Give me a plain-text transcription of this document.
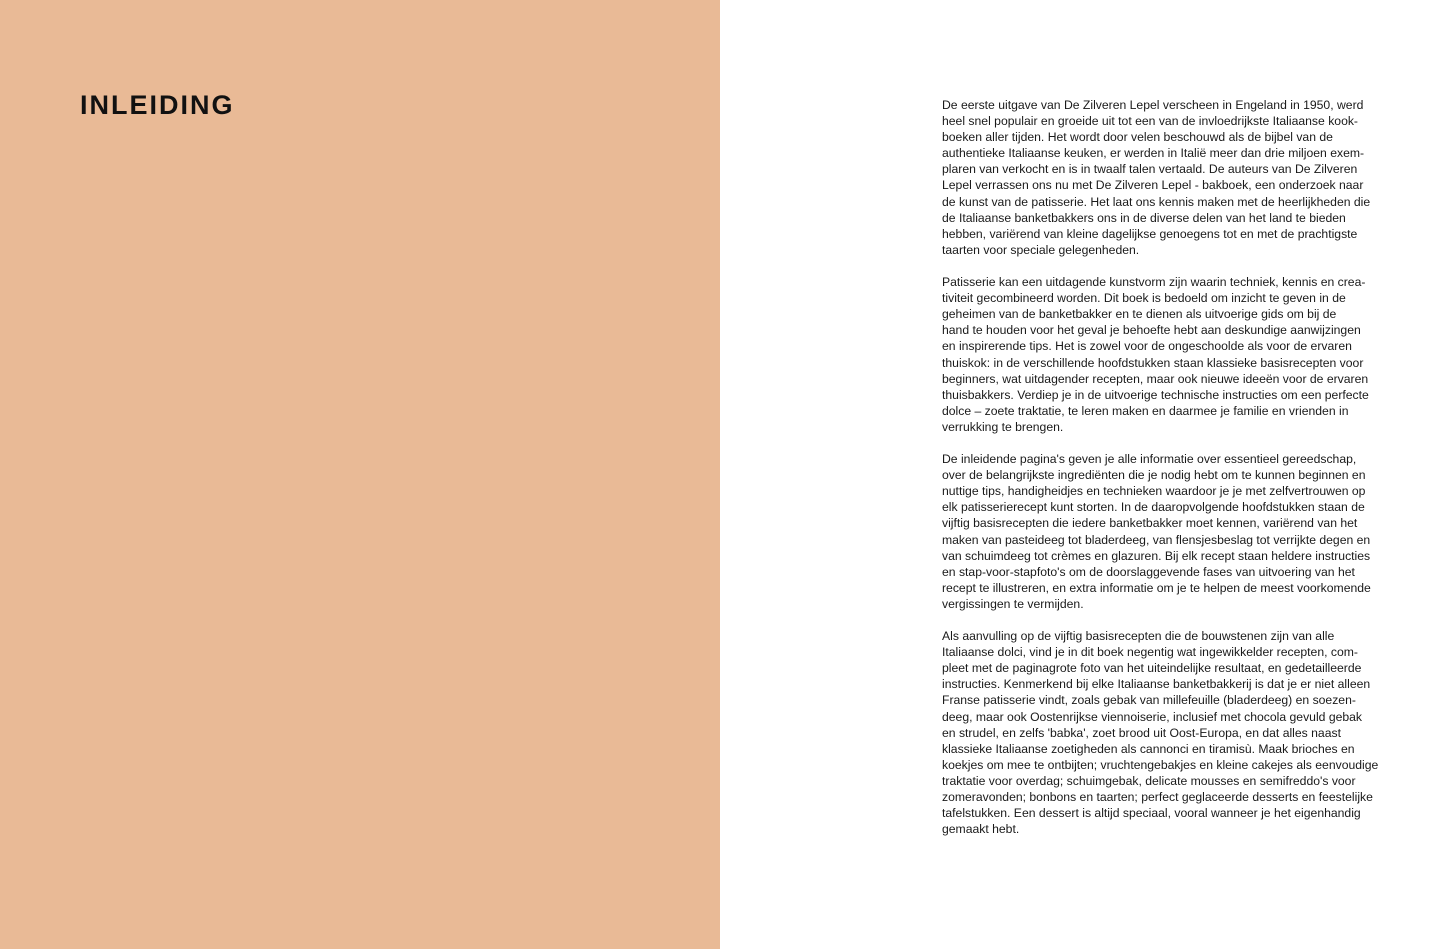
INLEIDING	De eerste uitgave van De Zilveren Lepel verscheen in Engeland in 1950, werd
heel snel populair en groeide uit tot een van de invloedrijkste Italiaanse kook-
boeken aller tijden. Het wordt door velen beschouwd als de bijbel van de
authentieke Italiaanse keuken, er werden in Italië meer dan drie miljoen exem-
plaren van verkocht en is in twaalf talen vertaald. De auteurs van De Zilveren
Lepel verrassen ons nu met De Zilveren Lepel - bakboek, een onderzoek naar
de kunst van de patisserie. Het laat ons kennis maken met de heerlijkheden die
de Italiaanse banketbakkers ons in de diverse delen van het land te bieden
hebben, variërend van kleine dagelijkse genoegens tot en met de prachtigste
taarten voor speciale gelegenheden.

Patisserie kan een uitdagende kunstvorm zijn waarin techniek, kennis en crea-
tiviteit gecombineerd worden. Dit boek is bedoeld om inzicht te geven in de
geheimen van de banketbakker en te dienen als uitvoerige gids om bij de
hand te houden voor het geval je behoefte hebt aan deskundige aanwijzingen
en inspirerende tips. Het is zowel voor de ongeschoolde als voor de ervaren
thuiskok: in de verschillende hoofdstukken staan klassieke basisrecepten voor
beginners, wat uitdagender recepten, maar ook nieuwe ideeën voor de ervaren
thuisbakkers. Verdiep je in de uitvoerige technische instructies om een perfecte
dolce – zoete traktatie, te leren maken en daarmee je familie en vrienden in
verrukking te brengen.

De inleidende pagina's geven je alle informatie over essentieel gereedschap,
over de belangrijkste ingrediënten die je nodig hebt om te kunnen beginnen en
nuttige tips, handigheidjes en technieken waardoor je je met zelfvertrouwen op
elk patisserierecept kunt storten. In de daaropvolgende hoofdstukken staan de
vijftig basisrecepten die iedere banketbakker moet kennen, variërend van het
maken van pasteideeg tot bladerdeeg, van flensjesbeslag tot verrijkte degen en
van schuimdeeg tot crèmes en glazuren. Bij elk recept staan heldere instructies
en stap-voor-stapfoto's om de doorslaggevende fases van uitvoering van het
recept te illustreren, en extra informatie om je te helpen de meest voorkomende
vergissingen te vermijden.

Als aanvulling op de vijftig basisrecepten die de bouwstenen zijn van alle
Italiaanse dolci, vind je in dit boek negentig wat ingewikkelder recepten, com-
pleet met de paginagrote foto van het uiteindelijke resultaat, en gedetailleerde
instructies. Kenmerkend bij elke Italiaanse banketbakkerij is dat je er niet alleen
Franse patisserie vindt, zoals gebak van millefeuille (bladerdeeg) en soezen-
deeg, maar ook Oostenrijkse viennoiserie, inclusief met chocola gevuld gebak
en strudel, en zelfs 'babka', zoet brood uit Oost-Europa, en dat alles naast
klassieke Italiaanse zoetigheden als cannonci en tiramisù. Maak brioches en
koekjes om mee te ontbijten; vruchtengebakjes en kleine cakejes als eenvoudige
traktatie voor overdag; schuimgebak, delicate mousses en semifreddo's voor
zomeravonden; bonbons en taarten; perfect geglaceerde desserts en feestelijke
tafelstukken. Een dessert is altijd speciaal, vooral wanneer je het eigenhandig
gemaakt hebt.
